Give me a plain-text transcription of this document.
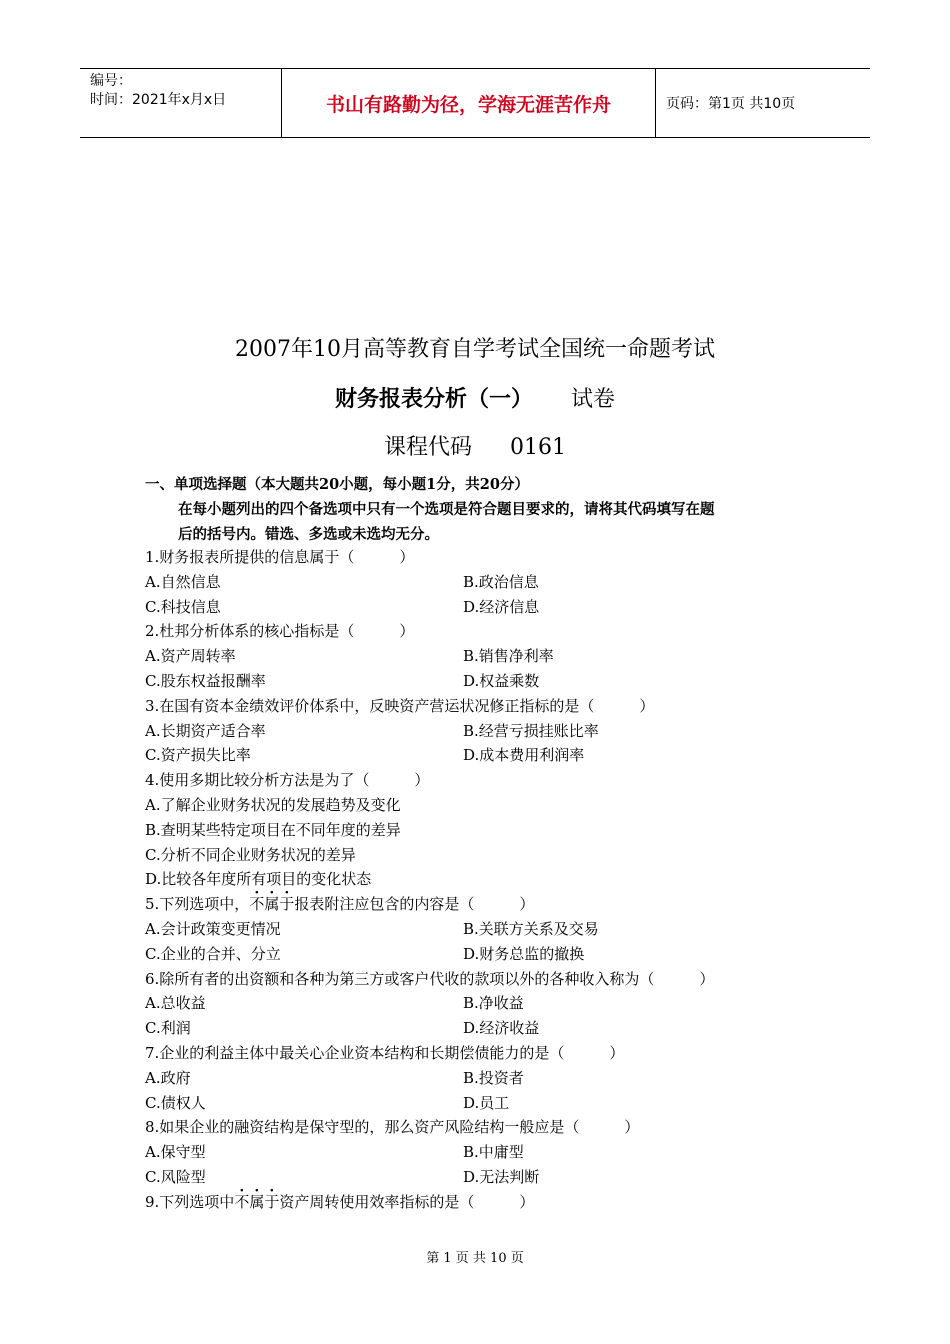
编号：
时间：2021年x月x日	书山有路勤为径，学海无涯苦作舟	页码：第1页 共10页
2007年10月高等教育自学考试全国统一命题考试
财务报表分析（一） 试卷
课程代码 0161
一、单项选择题（本大题共20小题，每小题1分，共20分）
在每小题列出的四个备选项中只有一个选项是符合题目要求的，请将其代码填写在题
后的括号内。错选、多选或未选均无分。
1.财务报表所提供的信息属于（　　　）
A.自然信息	B.政治信息
C.科技信息	D.经济信息
2.杜邦分析体系的核心指标是（　　　）
A.资产周转率	B.销售净利率
C.股东权益报酬率	D.权益乘数
3.在国有资本金绩效评价体系中，反映资产营运状况修正指标的是（　　　）
A.长期资产适合率	B.经营亏损挂账比率
C.资产损失比率	D.成本费用利润率
4.使用多期比较分析方法是为了（　　　）
A.了解企业财务状况的发展趋势及变化
B.查明某些特定项目在不同年度的差异
C.分析不同企业财务状况的差异
D.比较各年度所有项目的变化状态
5.下列选项中，不属于报表附注应包含的内容是（　　　）
A.会计政策变更情况	B.关联方关系及交易
C.企业的合并、分立	D.财务总监的撤换
6.除所有者的出资额和各种为第三方或客户代收的款项以外的各种收入称为（　　　）
A.总收益	B.净收益
C.利润	D.经济收益
7.企业的利益主体中最关心企业资本结构和长期偿债能力的是（　　　）
A.政府	B.投资者
C.债权人	D.员工
8.如果企业的融资结构是保守型的，那么资产风险结构一般应是（　　　）
A.保守型	B.中庸型
C.风险型	D.无法判断
9.下列选项中不属于资产周转使用效率指标的是（　　　）
第 1 页 共 10 页
